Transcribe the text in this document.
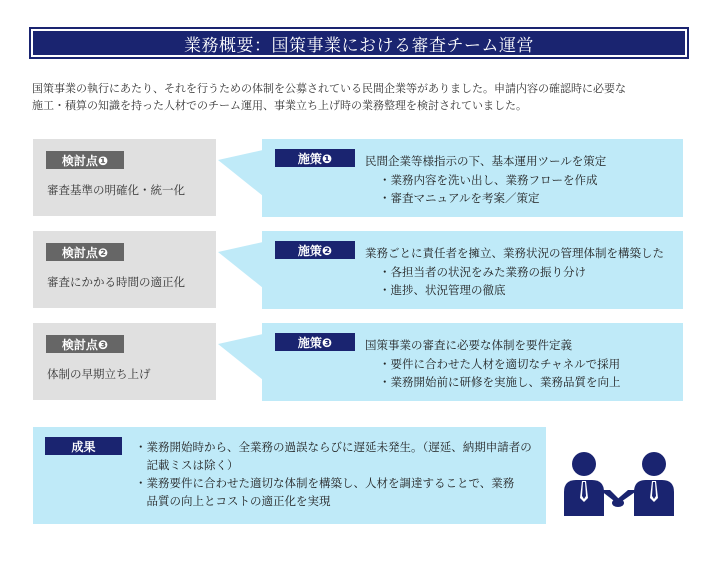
業務概要：国策事業における審査チーム運営
国策事業の執行にあたり、それを行うための体制を公募されている民間企業等がありました。申請内容の確認時に必要な
施工・積算の知識を持った人材でのチーム運用、事業立ち上げ時の業務整理を検討されていました。
検討点❶
審査基準の明確化・統一化
施策❶	民間企業等様指示の下、基本運用ツールを策定
・業務内容を洗い出し、業務フローを作成
・審査マニュアルを考案／策定
検討点❷
審査にかかる時間の適正化
施策❷	業務ごとに責任者を擁立、業務状況の管理体制を構築した
・各担当者の状況をみた業務の振り分け
・進捗、状況管理の徹底
検討点❸
体制の早期立ち上げ
施策❸	国策事業の審査に必要な体制を要件定義
・要件に合わせた人材を適切なチャネルで採用
・業務開始前に研修を実施し、業務品質を向上
成果	・業務開始時から、全業務の過誤ならびに遅延未発生。（遅延、納期申請者の
　記載ミスは除く）
・業務要件に合わせた適切な体制を構築し、人材を調達することで、業務
　品質の向上とコストの適正化を実現
